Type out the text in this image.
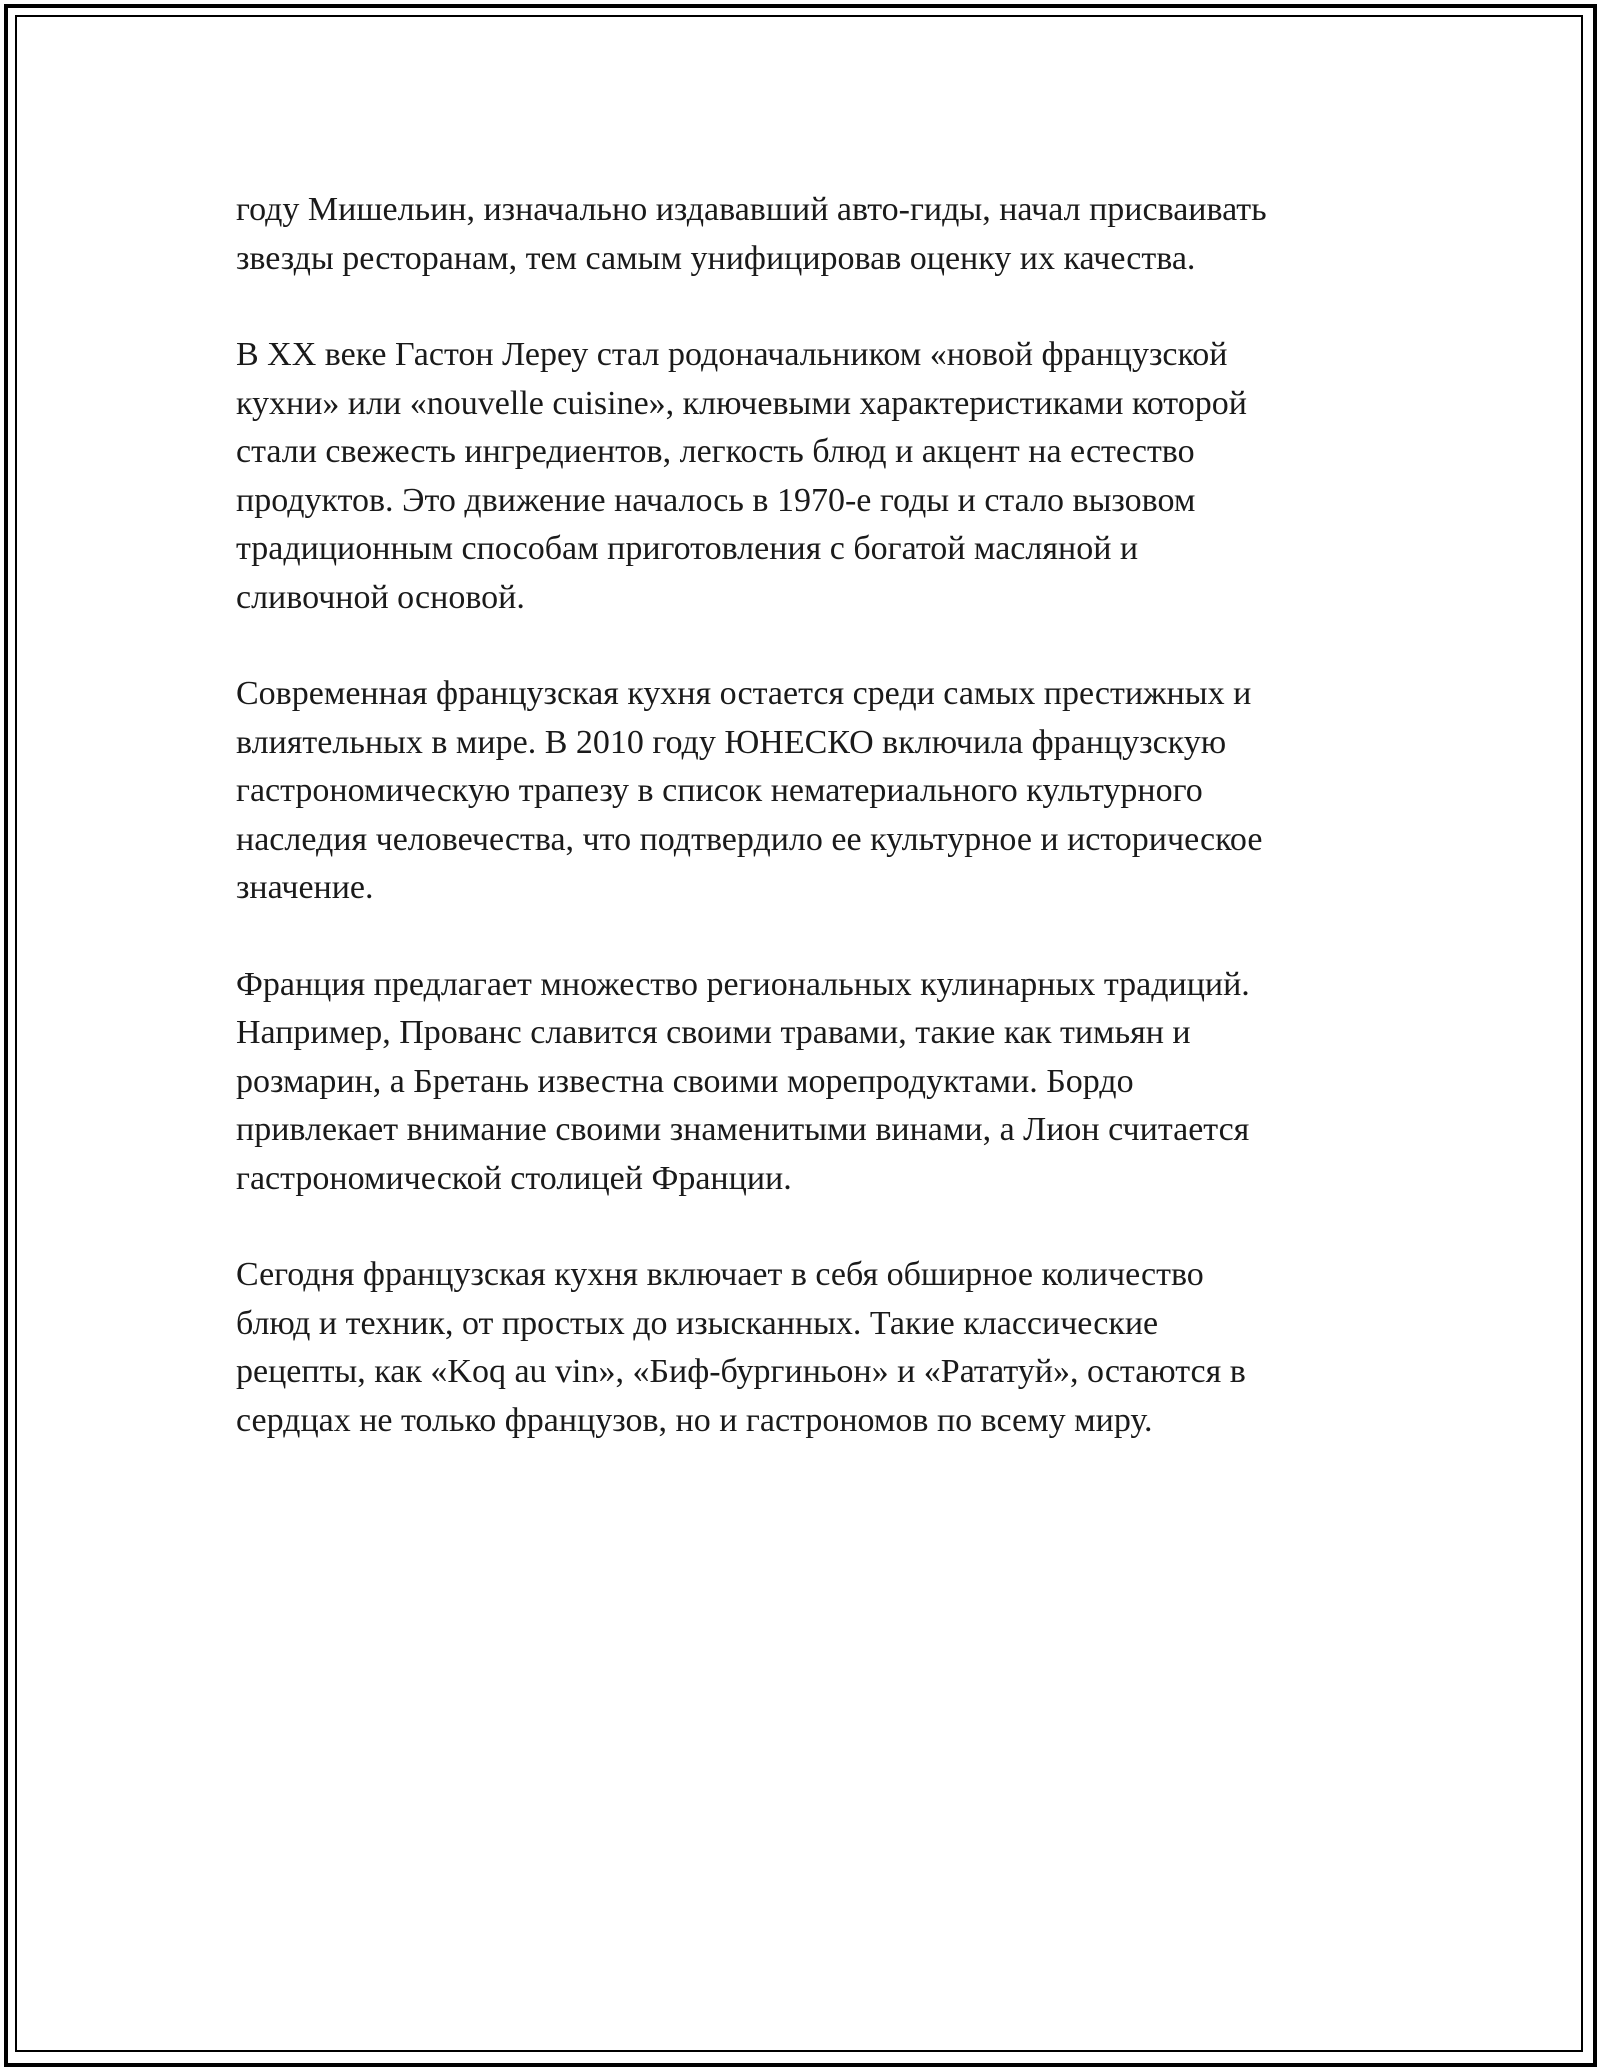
году Мишельин, изначально издававший авто-гиды, начал присваивать
звезды ресторанам, тем самым унифицировав оценку их качества.

В XX веке Гастон Лереу стал родоначальником «новой французской
кухни» или «nouvelle cuisine», ключевыми характеристиками которой
стали свежесть ингредиентов, легкость блюд и акцент на естество
продуктов. Это движение началось в 1970-е годы и стало вызовом
традиционным способам приготовления с богатой масляной и
сливочной основой.

Современная французская кухня остается среди самых престижных и
влиятельных в мире. В 2010 году ЮНЕСКО включила французскую
гастрономическую трапезу в список нематериального культурного
наследия человечества, что подтвердило ее культурное и историческое
значение.

Франция предлагает множество региональных кулинарных традиций.
Например, Прованс славится своими травами, такие как тимьян и
розмарин, а Бретань известна своими морепродуктами. Бордо
привлекает внимание своими знаменитыми винами, а Лион считается
гастрономической столицей Франции.

Сегодня французская кухня включает в себя обширное количество
блюд и техник, от простых до изысканных. Такие классические
рецепты, как «Koq au vin», «Биф-бургиньон» и «Рататуй», остаются в
сердцах не только французов, но и гастрономов по всему миру.
